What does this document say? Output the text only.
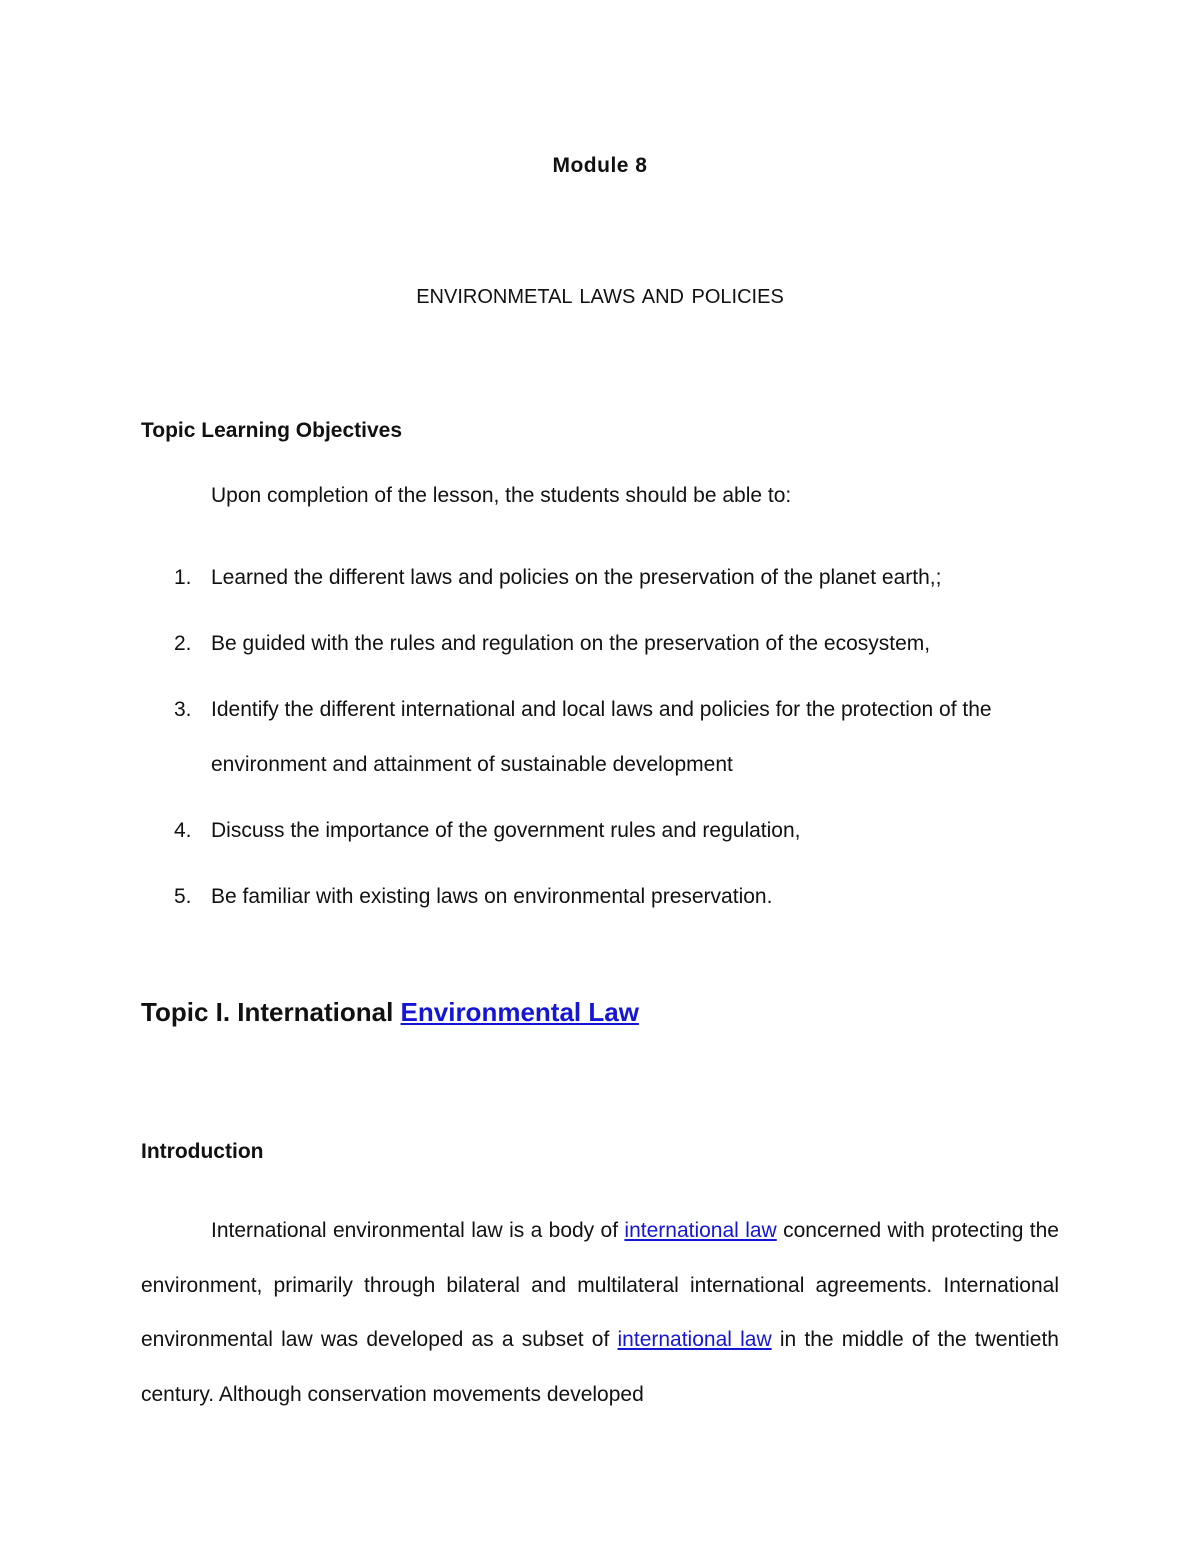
Module 8
ENVIRONMETAL LAWS AND POLICIES
Topic Learning Objectives
Upon completion of the lesson, the students should be able to:
1. Learned the different laws and policies on the preservation of the planet earth,;
2. Be guided with the rules and regulation on the preservation of the ecosystem,
3. Identify the different international and local laws and policies for the protection of the environment and attainment of sustainable development
4. Discuss the importance of the government rules and regulation,
5. Be familiar with existing laws on environmental preservation.
Topic I. International Environmental Law
Introduction

International environmental law is a body of international law concerned with protecting the environment, primarily through bilateral and multilateral international agreements. International environmental law was developed as a subset of international law in the middle of the twentieth century. Although conservation movements developed
